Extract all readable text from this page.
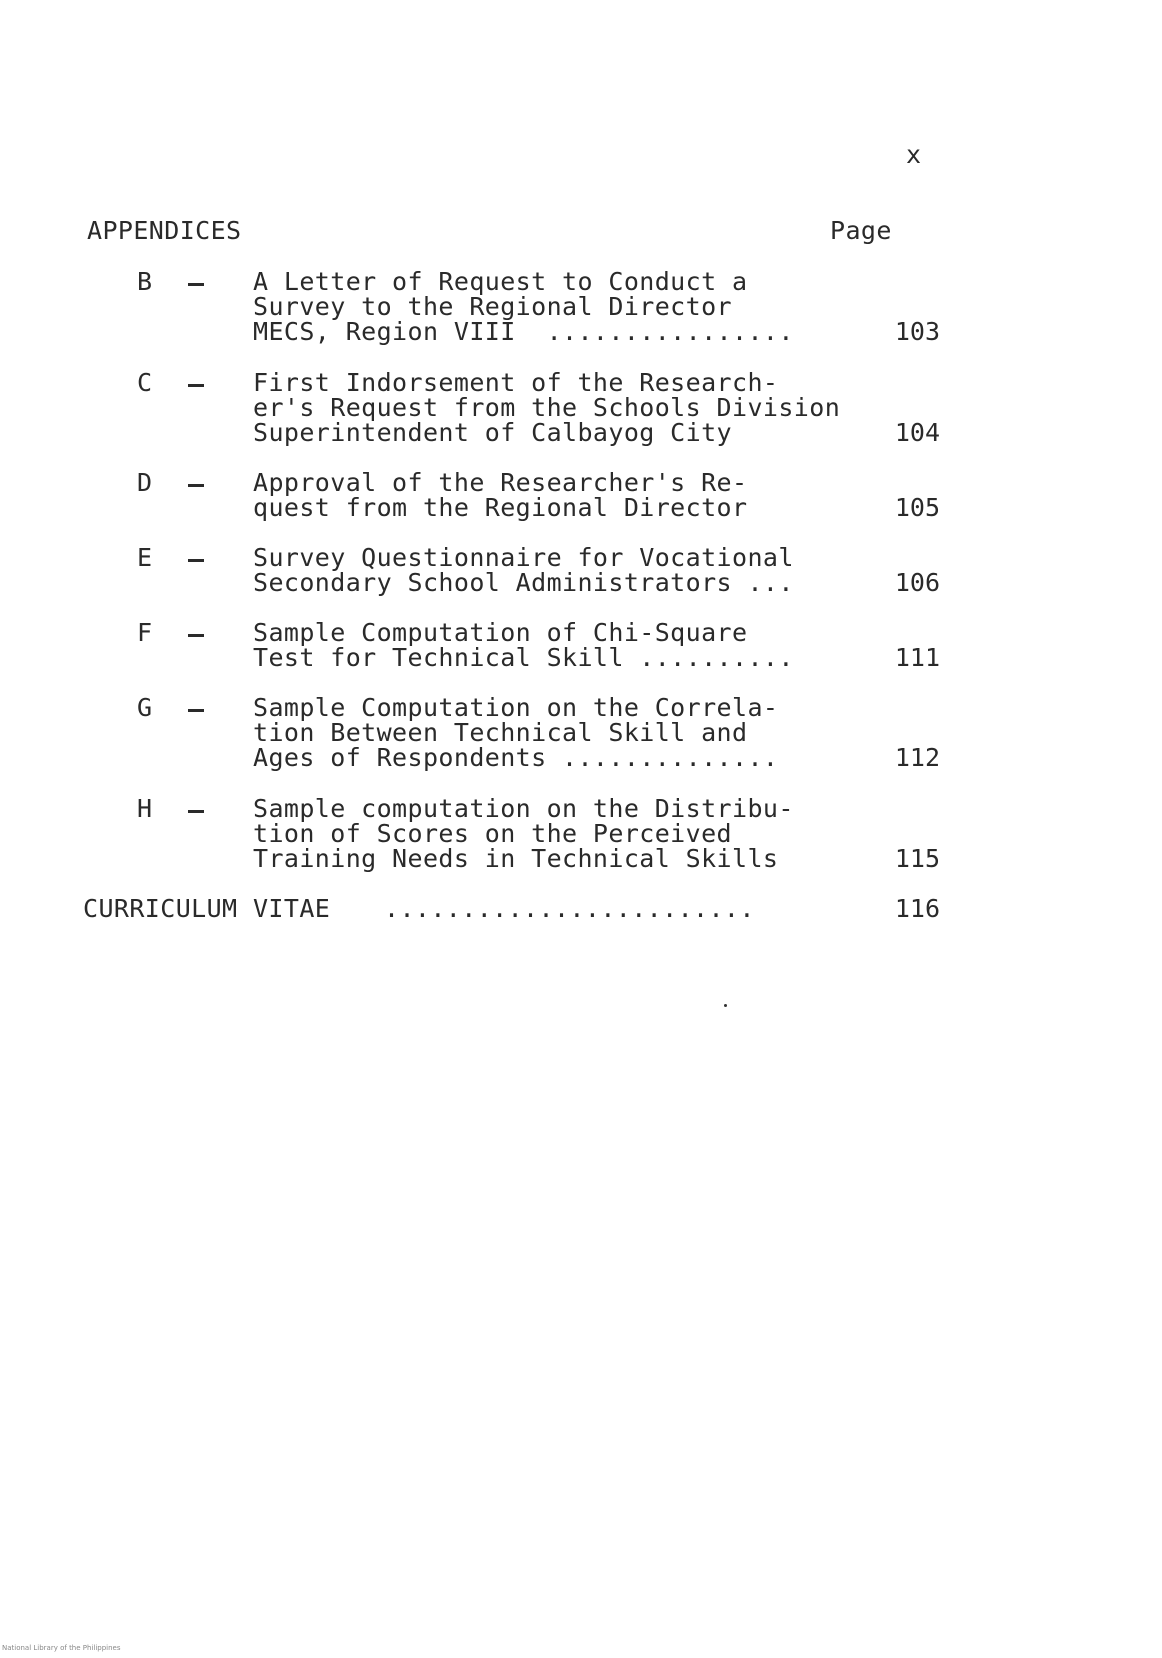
x
APPENDICES	Page
B	A Letter of Request to Conduct a
Survey to the Regional Director
MECS, Region VIII  ................	103
C	First Indorsement of the Research-
er's Request from the Schools Division
Superintendent of Calbayog City	104
D	Approval of the Researcher's Re-
quest from the Regional Director	105
E	Survey Questionnaire for Vocational
Secondary School Administrators ...	106
F	Sample Computation of Chi-Square
Test for Technical Skill ..........	111
G	Sample Computation on the Correla-
tion Between Technical Skill and
Ages of Respondents ..............	112
H	Sample computation on the Distribu-
tion of Scores on the Perceived
Training Needs in Technical Skills	115
CURRICULUM VITAE ........................	116
National Library of the Philippines
